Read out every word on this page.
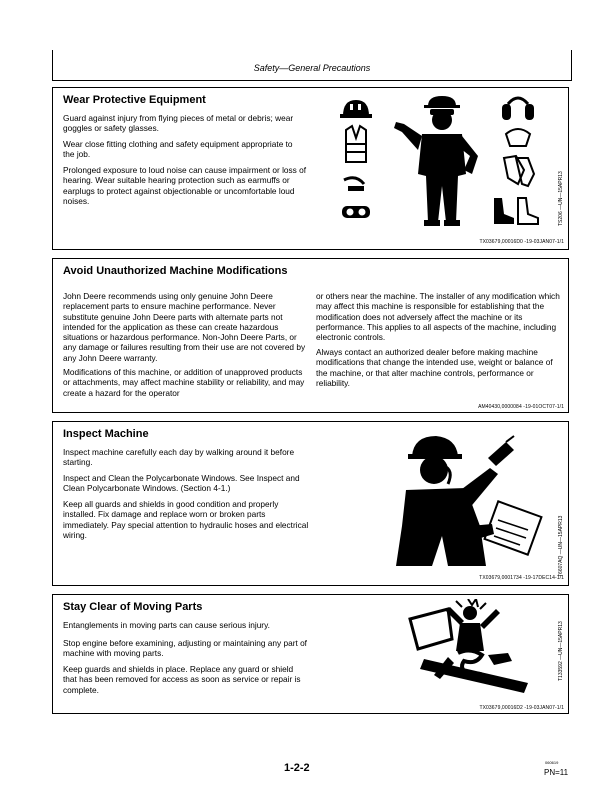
Safety—General Precautions
Wear Protective Equipment

Guard against injury from flying pieces of metal or debris; wear goggles or safety glasses.

Wear close fitting clothing and safety equipment appropriate to the job.

Prolonged exposure to loud noise can cause impairment or loss of hearing. Wear suitable hearing protection such as earmuffs or earplugs to protect against objectionable or uncomfortable loud noises.	TS206 —UN—15APR13
TX03679,00016D0 -19-03JAN07-1/1
Avoid Unauthorized Machine Modifications

John Deere recommends using only genuine John Deere replacement parts to ensure machine performance. Never substitute genuine John Deere parts with alternate parts not intended for the application as these can create hazardous situations or hazardous performance. Non-John Deere Parts, or any damage or failures resulting from their use are not covered by any John Deere warranty.

Modifications of this machine, or addition of unapproved products or attachments, may affect machine stability or reliability, and may create a hazard for the operator

or others near the machine. The installer of any modification which may affect this machine is responsible for establishing that the modification does not adversely affect the machine or its performance. This applies to all aspects of the machine, including electronic controls.

Always contact an authorized dealer before making machine modifications that change the intended use, weight or balance of the machine, or that alter machine controls, performance or reliability.

AM40430,0000084 -19-01OCT07-1/1
Inspect Machine

Inspect machine carefully each day by walking around it before starting.

Inspect and Clean the Polycarbonate Windows. See Inspect and Clean Polycarbonate Windows. (Section 4-1.)

Keep all guards and shields in good condition and properly installed. Fix damage and replace worn or broken parts immediately. Pay special attention to hydraulic hoses and electrical wiring.	T6607AQ —UN—15APR13
TX03679,0001734 -19-17DEC14-1/1
Stay Clear of Moving Parts

Entanglements in moving parts can cause serious injury.

Stop engine before examining, adjusting or maintaining any part of machine with moving parts.

Keep guards and shields in place. Replace any guard or shield that has been removed for access as soon as service or repair is complete.

T133592 —UN—15APR13
TX03679,00016D2 -19-03JAN07-1/1
1-2-2	060619
PN=11
